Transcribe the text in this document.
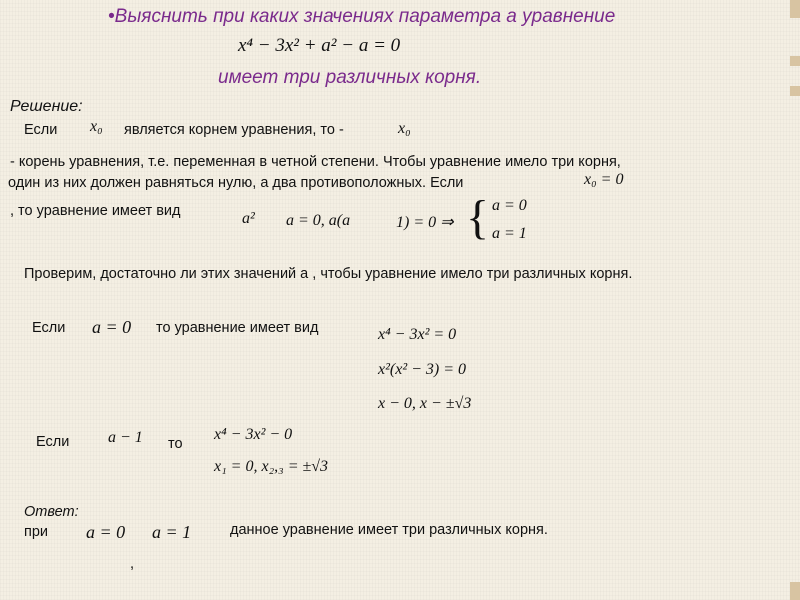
•Выяснить при каких значениях параметра а уравнение
x⁴ − 3x² + a² − a = 0
имеет три различных корня.
Решение:
Если x₀ является корнем уравнения, то -	x₀
- корень уравнения, т.е. переменная в четной степени. Чтобы уравнение имело три корня,
один из них должен равняться нулю, а два противоположных. Если	x₀ = 0
, то уравнение имеет вид	a² a = 0, a(a	1) = 0 ⇒ { a = 0
a = 1
Проверим, достаточно ли этих значений а , чтобы уравнение имело три различных корня.
Если a = 0 то уравнение имеет вид	x⁴ − 3x² = 0
x²(x² − 3) = 0
x − 0, x − ±√3
Если a − 1 то
x⁴ − 3x² − 0
x₁ = 0, x₂,₃ = ±√3
Ответ:
при a = 0 a = 1	данное уравнение имеет три различных корня.
,
